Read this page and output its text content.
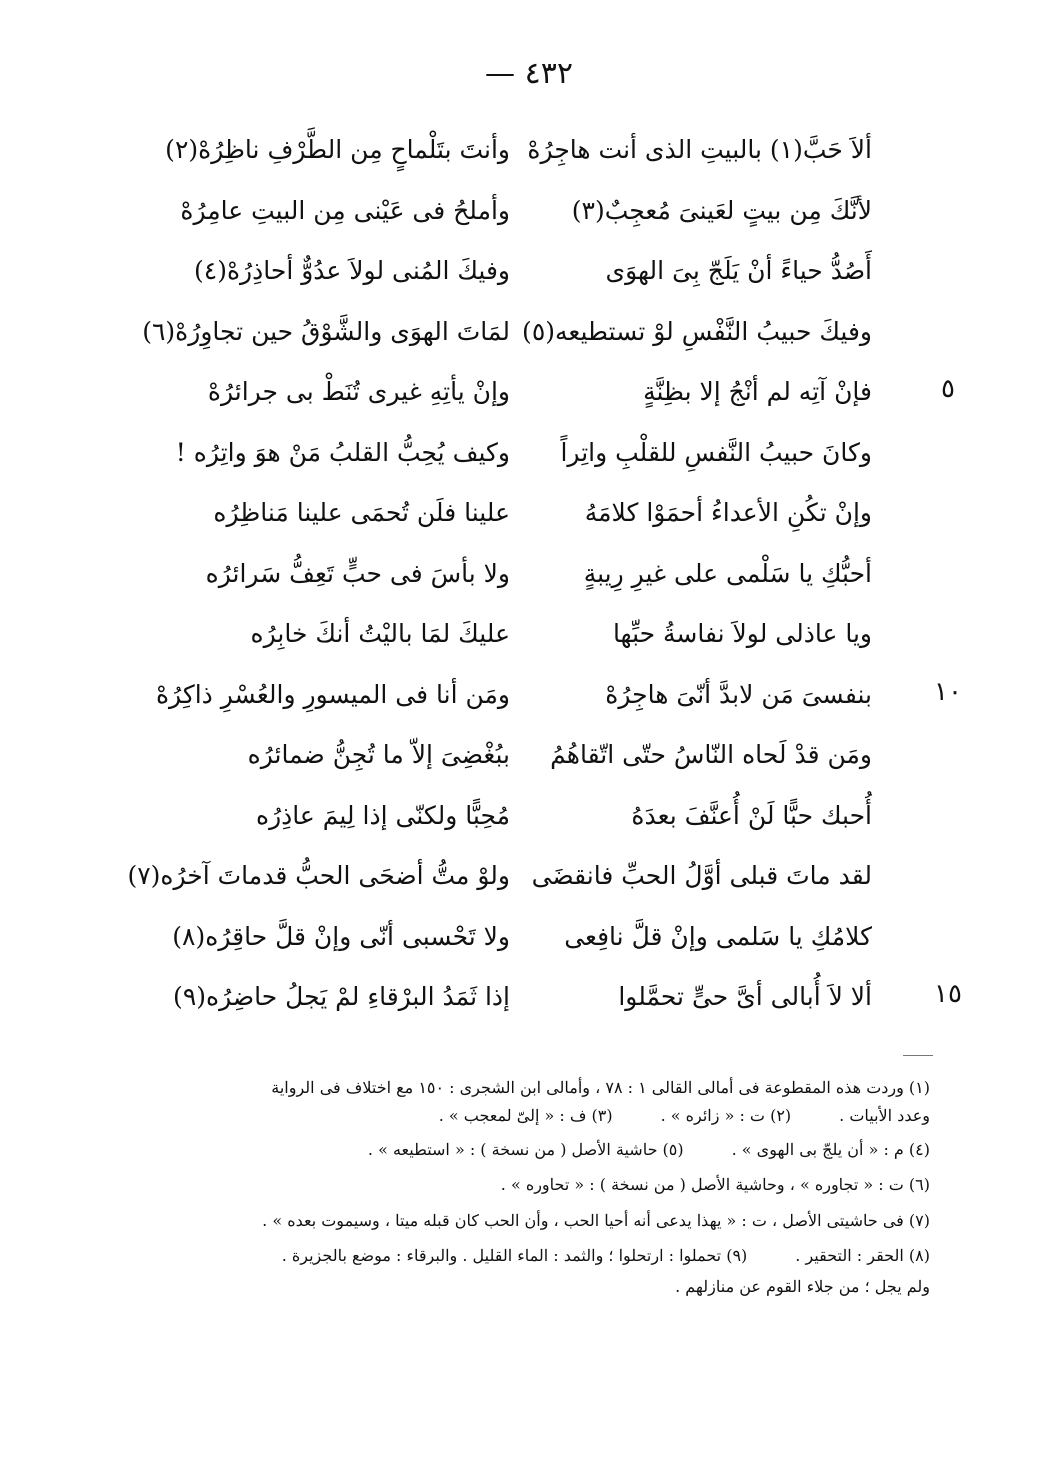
٤٣٢ —
ألاَ حَبَّ(١) بالبيتِ الذى أنت هاجِرُهْ
وأنتَ بتَلْماحٍ مِن الطَّرْفِ ناظِرُهْ(٢)
لأنَّكَ مِن بيتٍ لعَينىَ مُعجِبٌ(٣)
وأملحُ فى عَيْنى مِن البيتِ عامِرُهْ
أَصُدُّ حياءً أنْ يَلَجّ بِىَ الهوَى
وفيكَ المُنى لولاَ عدُوٌّ أحاذِرُهْ(٤)
وفيكَ حبيبُ النَّفْسِ لوْ تستطيعه(٥)
لمَاتَ الهوَى والشَّوْقُ حين تجاوِرُهْ(٦)
٥
فإنْ آتِه لم أنْجُ إلا بظِنَّةٍ
وإنْ يأتِهِ غيرى تُنَطْ بى جرائرُهْ
وكانَ حبيبُ النَّفسِ للقلْبِ واتِراً
وكيف يُحِبُّ القلبُ مَنْ هوَ واتِرُه !
وإنْ تكُنِ الأعداءُ أحمَوْا كلامَهُ
علينا فلَن تُحمَى علينا مَناظِرُه
أحبُّكِ يا سَلْمى على غيرِ رِيبةٍ
ولا بأسَ فى حبٍّ تَعِفُّ سَرائرُه
ويا عاذلى لولاَ نفاسةُ حبِّها
عليكَ لمَا باليْتُ أنكَ خابِرُه
١٠
بنفسىَ مَن لابدَّ أنّىَ هاجِرُهْ
ومَن أنا فى الميسورِ والعُسْرِ ذاكِرُهْ
ومَن قدْ لَحاه النّاسُ حتّى اتّقاهُمُ
ببُغْضِىَ إلاّ ما تُجِنُّ ضمائرُه
أُحبك حبًّا لَنْ أُعنَّفَ بعدَهُ
مُحِبًّا ولكنّى إذا لِيمَ عاذِرُه
لقد ماتَ قبلى أوَّلُ الحبِّ فانقضَى
ولوْ متُّ أضحَى الحبُّ قدماتَ آخرُه(٧)
كلامُكِ يا سَلمى وإنْ قلَّ نافِعى
ولا تَحْسبى أنّى وإنْ قلَّ حاقِرُه(٨)
١٥
ألا لاَ أُبالى أىَّ حىٍّ تحمَّلوا
إذا ثَمَدُ البرْقاءِ لمْ يَجلُ حاضِرُه(٩)
(١) وردت هذه المقطوعة فى أمالى القالى ١ : ٧٨ ، وأمالى ابن الشجرى : ١٥٠ مع اختلاف فى الرواية
وعدد الأبيات .(٢) ت : « زائره » .(٣) ف : « إلىّ لمعجب » .
(٤) م : « أن يلجّ بى الهوى » .(٥) حاشية الأصل ( من نسخة ) : « استطيعه » .
(٦) ت : « تجاوره » ، وحاشية الأصل ( من نسخة ) : « تحاوره » .
(٧) فى حاشيتى الأصل ، ت : « يهذا يدعى أنه أحيا الحب ، وأن الحب كان قبله ميتا ، وسيموت بعده » .
(٨) الحقر : التحقير .(٩) تحملوا : ارتحلوا ؛ والثمد : الماء القليل . والبرقاء : موضع بالجزيرة .
ولم يجل ؛ من جلاء القوم عن منازلهم .
